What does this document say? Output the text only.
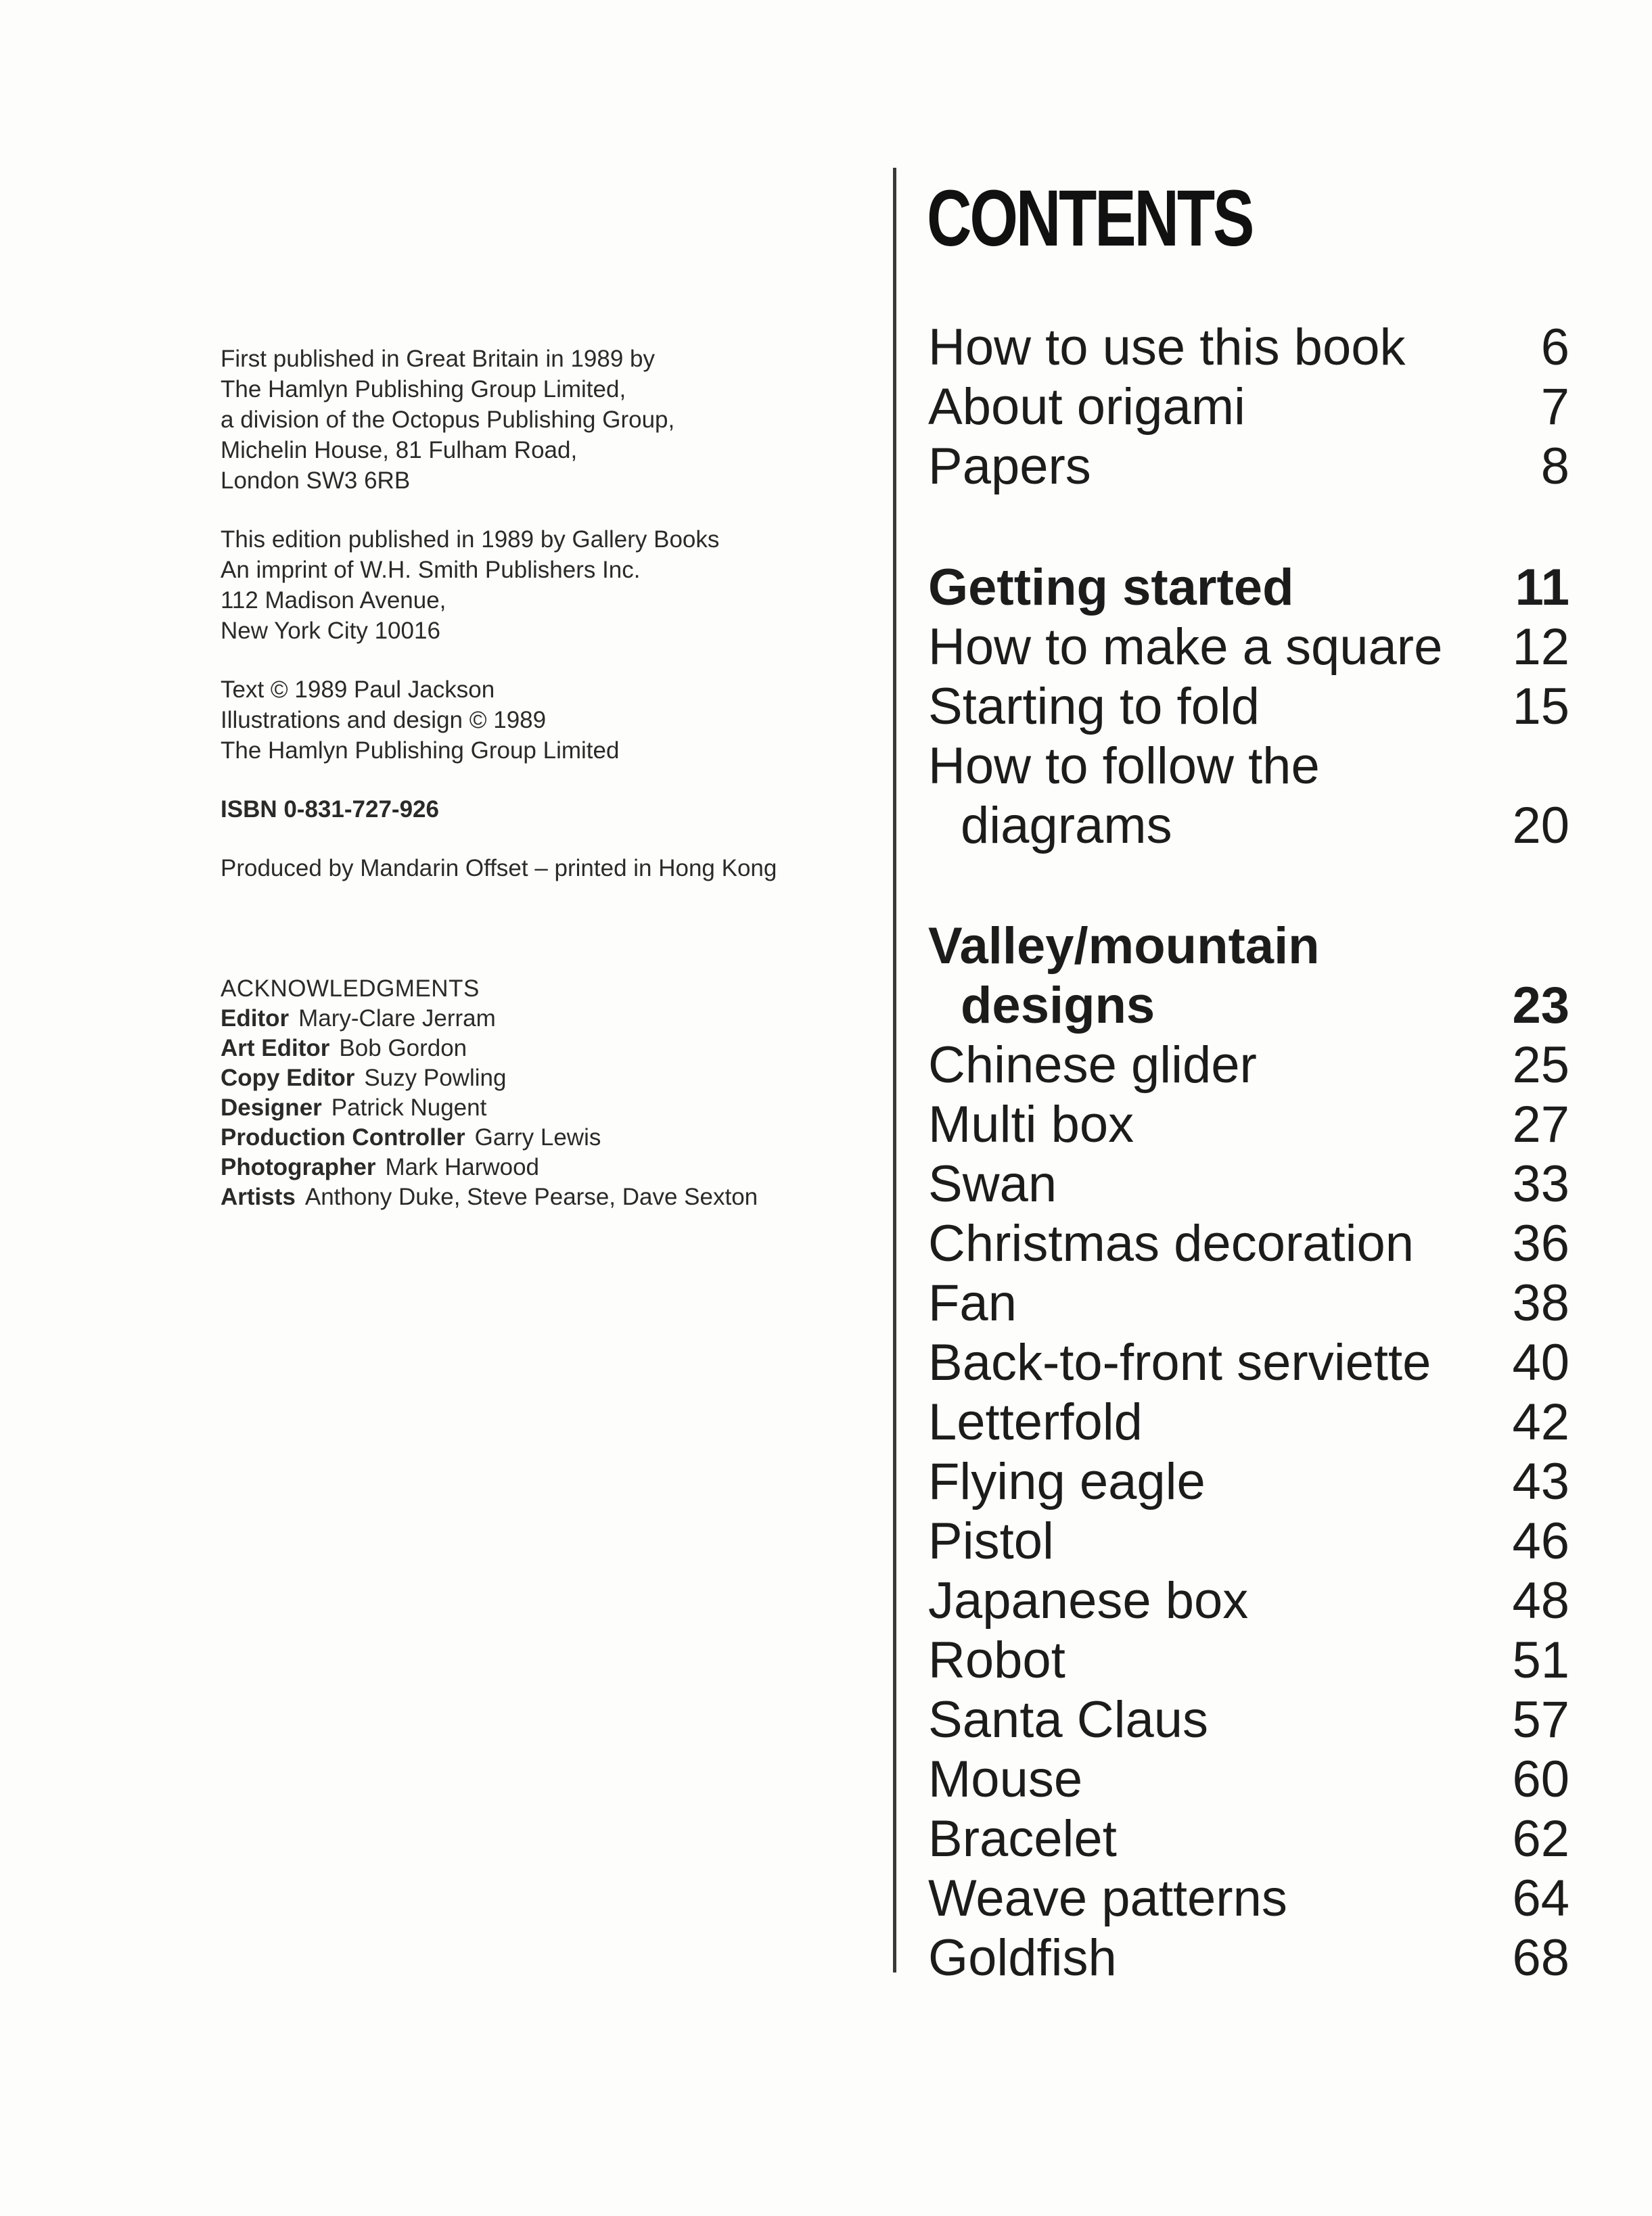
First published in Great Britain in 1989 by

The Hamlyn Publishing Group Limited,

a division of the Octopus Publishing Group,

Michelin House, 81 Fulham Road,

London SW3 6RB

This edition published in 1989 by Gallery Books

An imprint of W.H. Smith Publishers Inc.

112 Madison Avenue,

New York City 10016

Text © 1989 Paul Jackson

Illustrations and design © 1989

The Hamlyn Publishing Group Limited

ISBN 0-831-727-926

Produced by Mandarin Offset – printed in Hong Kong

ACKNOWLEDGMENTS
Editor Mary-Clare Jerram
Art Editor Bob Gordon
Copy Editor Suzy Powling
Designer Patrick Nugent
Production Controller Garry Lewis
Photographer Mark Harwood
Artists Anthony Duke, Steve Pearse, Dave Sexton
CONTENTS
How to use this book	6
About origami	7
Papers	8
Getting started	11
How to make a square 12
Starting to fold	15
How to follow the
diagrams	20
Valley/mountain
designs	23
Chinese glider	25
Multi box	27
Swan	33
Christmas decoration 36
Fan	38
Back-to-front serviette 40
Letterfold	42
Flying eagle	43
Pistol	46
Japanese box	48
Robot	51
Santa Claus	57
Mouse	60
Bracelet	62
Weave patterns	64
Goldfish	68
